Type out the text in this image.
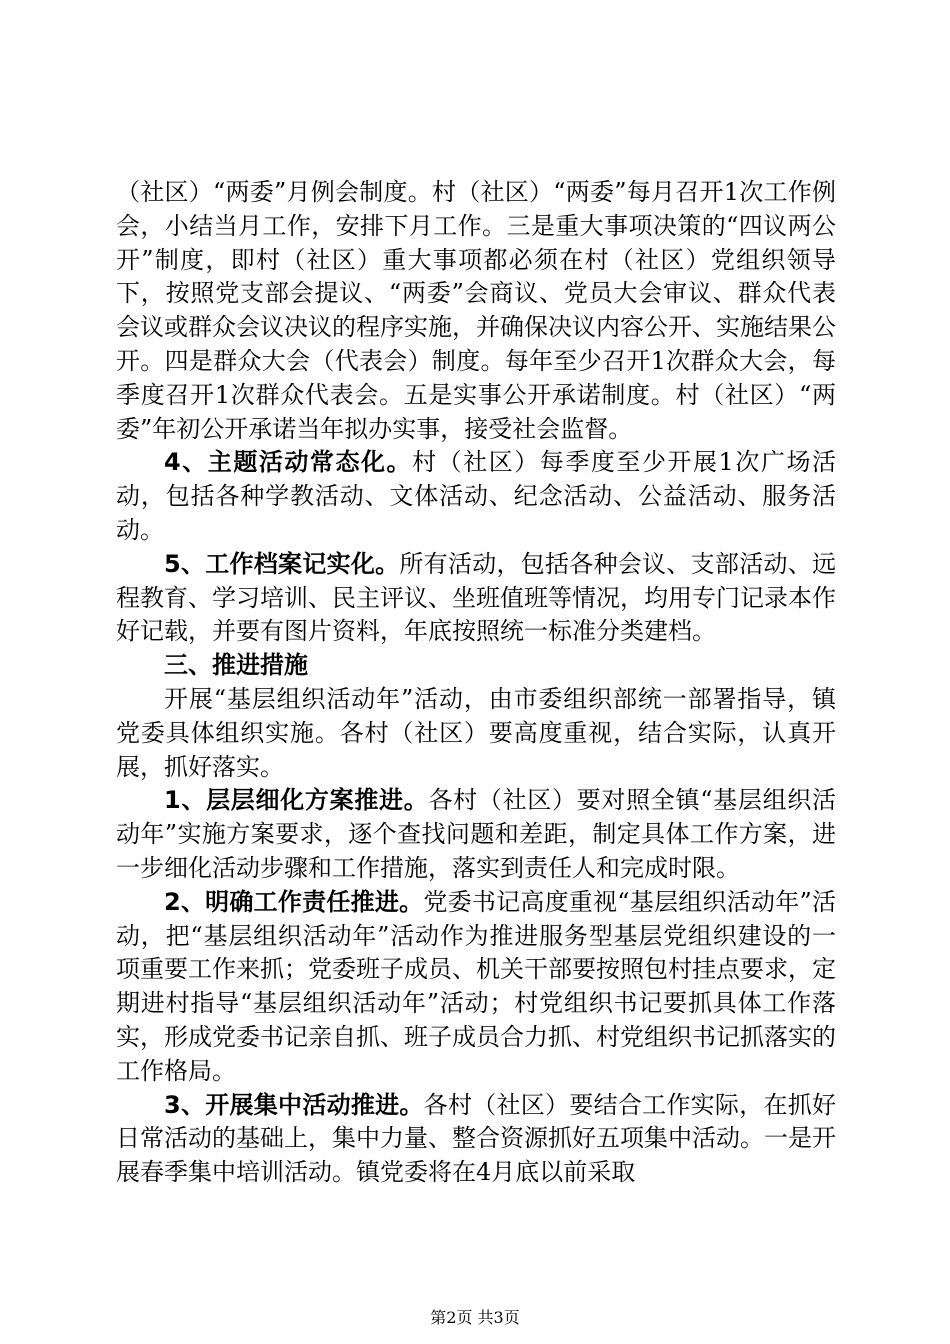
（社区）“两委”月例会制度。村（社区）“两委”每月召开1次工作例会，小结当月工作，安排下月工作。三是重大事项决策的“四议两公开”制度，即村（社区）重大事项都必须在村（社区）党组织领导下，按照党支部会提议、“两委”会商议、党员大会审议、群众代表会议或群众会议决议的程序实施，并确保决议内容公开、实施结果公开。四是群众大会（代表会）制度。每年至少召开1次群众大会，每季度召开1次群众代表会。五是实事公开承诺制度。村（社区）“两委”年初公开承诺当年拟办实事，接受社会监督。

4、主题活动常态化。村（社区）每季度至少开展1次广场活动，包括各种学教活动、文体活动、纪念活动、公益活动、服务活动。

5、工作档案记实化。所有活动，包括各种会议、支部活动、远程教育、学习培训、民主评议、坐班值班等情况，均用专门记录本作好记载，并要有图片资料，年底按照统一标准分类建档。

三、推进措施

开展“基层组织活动年”活动，由市委组织部统一部署指导，镇党委具体组织实施。各村（社区）要高度重视，结合实际，认真开展，抓好落实。

1、层层细化方案推进。各村（社区）要对照全镇“基层组织活动年”实施方案要求，逐个查找问题和差距，制定具体工作方案，进一步细化活动步骤和工作措施，落实到责任人和完成时限。

2、明确工作责任推进。党委书记高度重视“基层组织活动年”活动，把“基层组织活动年”活动作为推进服务型基层党组织建设的一项重要工作来抓；党委班子成员、机关干部要按照包村挂点要求，定期进村指导“基层组织活动年”活动；村党组织书记要抓具体工作落实，形成党委书记亲自抓、班子成员合力抓、村党组织书记抓落实的工作格局。

3、开展集中活动推进。各村（社区）要结合工作实际，在抓好日常活动的基础上，集中力量、整合资源抓好五项集中活动。一是开展春季集中培训活动。镇党委将在4月底以前采取

第2页 共3页
